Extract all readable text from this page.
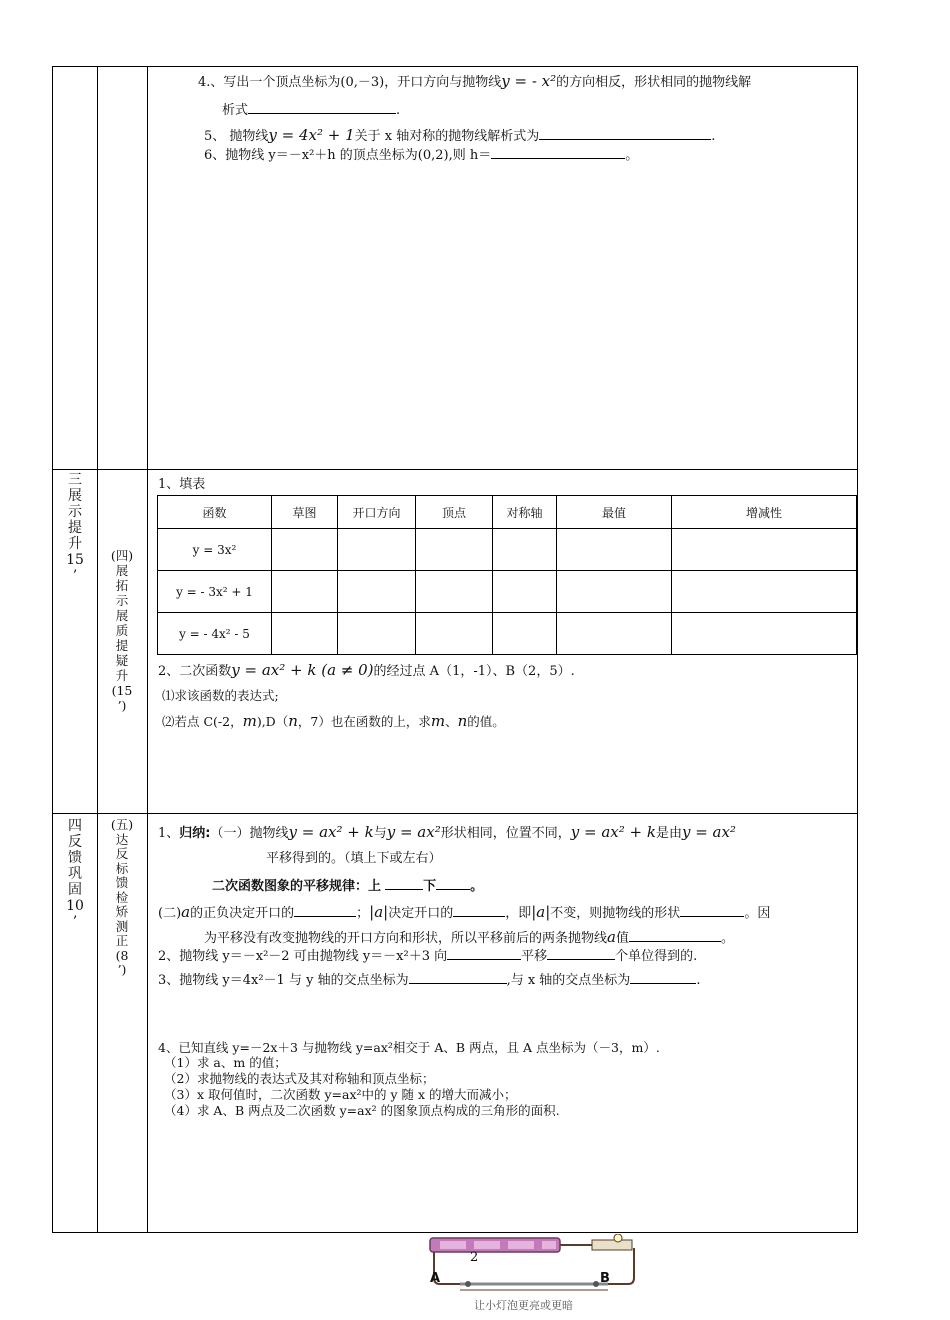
4.、写出一个顶点坐标为(0,－3)，开口方向与抛物线y = - x²的方向相反，形状相同的抛物线解
析式	.
5、 抛物线y = 4x² + 1关于 x 轴对称的抛物线解析式为	.
6、抛物线 y＝－x²＋h 的顶点坐标为(0,2),则 h＝	。
三
展
示
提
升
15
’
(四)
展
拓
示
展
质
提
疑
升
(15
’)
1、填表
函数	草图	开口方向	顶点	对称轴	最值	增减性
y = 3x²						
y = - 3x² + 1						
y = - 4x² - 5						
2、二次函数y = ax² + k (a ≠ 0)的经过点 A（1，-1）、B（2，5）.
⑴求该函数的表达式;
⑵若点 C(-2，m),D（n，7）也在函数的上，求m、n的值。
四
反
馈
巩
固
10
’
(五)
达
反
标
馈
检
矫
测
正
(8
’)
1、归纳:（一）抛物线y = ax² + k与y = ax²形状相同，位置不同，y = ax² + k是由y = ax²
平移得到的。（填上下或左右）
二次函数图象的平移规律：上	下	。
(二)a的正负决定开口的	；|a|决定开口的	，即|a|不变，则抛物线的形状	。因
为平移没有改变抛物线的开口方向和形状，所以平移前后的两条抛物线a值	。
2、抛物线 y＝－x²－2 可由抛物线 y＝－x²＋3 向	平移	个单位得到的.
3、抛物线 y＝4x²－1 与 y 轴的交点坐标为	,与 x 轴的交点坐标为	.
4、已知直线 y=－2x＋3 与抛物线 y=ax²相交于 A、B 两点，且 A 点坐标为（－3，m）.
（1）求 a、m 的值；
（2）求抛物线的表达式及其对称轴和顶点坐标；
（3）x 取何值时，二次函数 y=ax²中的 y 随 x 的增大而减小；
（4）求 A、B 两点及二次函数 y=ax² 的图象顶点构成的三角形的面积.
2
A	B
让小灯泡更亮或更暗
